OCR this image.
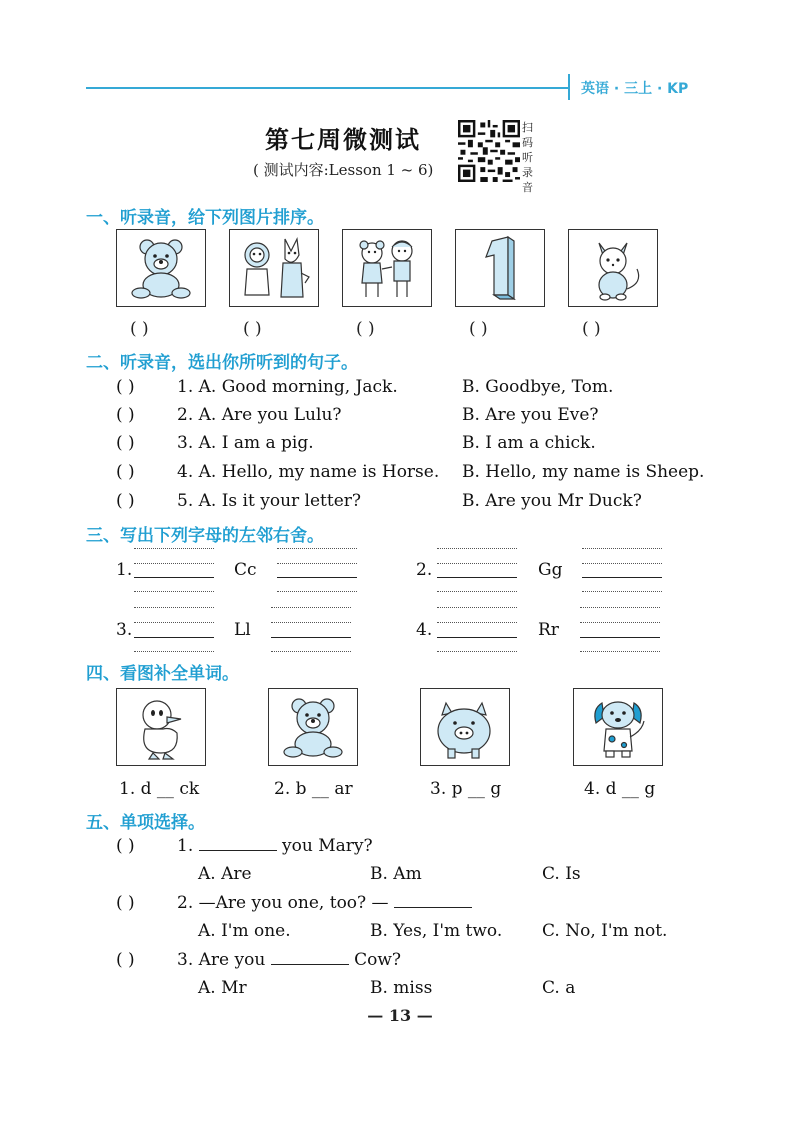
英语 · 三上 · KP
第七周微测试
( 测试内容:Lesson 1 ~ 6)
扫码听录音
一、听录音，给下列图片排序。
1
( )	( )	( )	( )	( )
二、听录音，选出你所听到的句子。
( ) 1. A. Good morning, Jack.	B. Goodbye, Tom.
( ) 2. A. Are you Lulu?	B. Are you Eve?
( ) 3. A. I am a pig.	B. I am a chick.
( ) 4. A. Hello, my name is Horse. B. Hello, my name is Sheep.
( ) 5. A. Is it your letter?	B. Are you Mr Duck?
三、写出下列字母的左邻右舍。
1.	Cc	2.	Gg
3.	Ll	4.	Rr
四、看图补全单词。
1. d __ ck	2. b __ ar	3. p __ g	4. d __ g
五、单项选择。
( ) 1.	you Mary?
A. Are	B. Am	C. Is
( ) 2. —Are you one, too? —
A. I'm one.	B. Yes, I'm two. C. No, I'm not.
( ) 3. Are you	Cow?
A. Mr	B. miss	C. a
— 13 —
